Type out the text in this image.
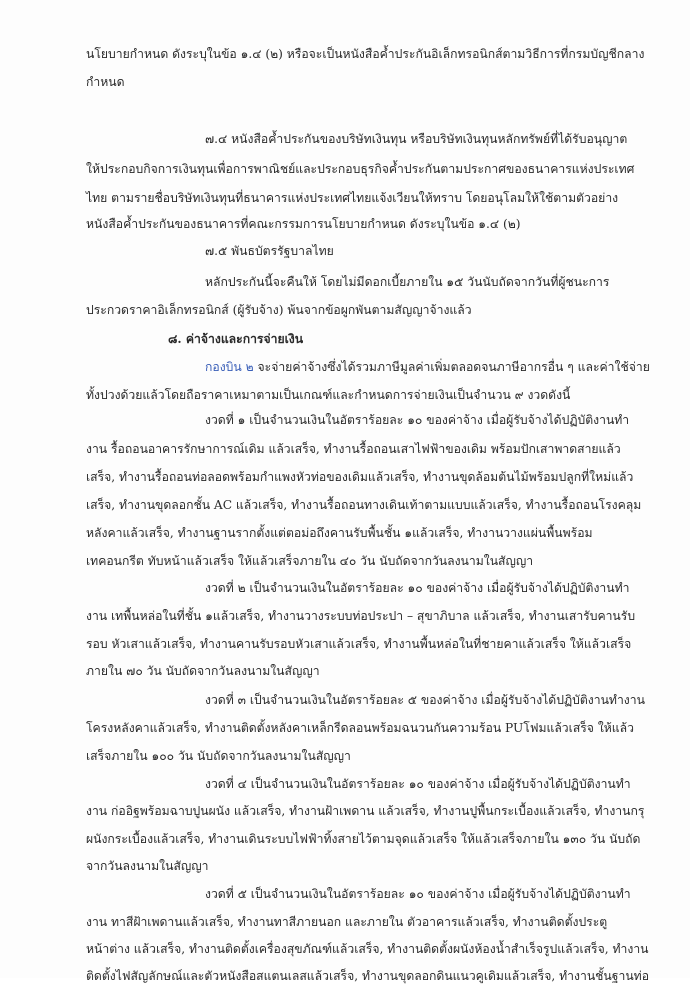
นโยบายกำหนด ดังระบุในข้อ ๑.๔ (๒) หรือจะเป็นหนังสือค้ำประกันอิเล็กทรอนิกส์ตามวิธีการที่กรมบัญชีกลาง
กำหนด
๗.๔ หนังสือค้ำประกันของบริษัทเงินทุน หรือบริษัทเงินทุนหลักทรัพย์ที่ได้รับอนุญาต
ให้ประกอบกิจการเงินทุนเพื่อการพาณิชย์และประกอบธุรกิจค้ำประกันตามประกาศของธนาคารแห่งประเทศ
ไทย ตามรายชื่อบริษัทเงินทุนที่ธนาคารแห่งประเทศไทยแจ้งเวียนให้ทราบ โดยอนุโลมให้ใช้ตามตัวอย่าง
หนังสือค้ำประกันของธนาคารที่คณะกรรมการนโยบายกำหนด ดังระบุในข้อ ๑.๔ (๒)
๗.๕ พันธบัตรรัฐบาลไทย
หลักประกันนี้จะคืนให้ โดยไม่มีดอกเบี้ยภายใน ๑๕ วันนับถัดจากวันที่ผู้ชนะการ
ประกวดราคาอิเล็กทรอนิกส์ (ผู้รับจ้าง) พ้นจากข้อผูกพันตามสัญญาจ้างแล้ว
๘. ค่าจ้างและการจ่ายเงิน
กองบิน ๒ จะจ่ายค่าจ้างซึ่งได้รวมภาษีมูลค่าเพิ่มตลอดจนภาษีอากรอื่น ๆ และค่าใช้จ่าย
ทั้งปวงด้วยแล้วโดยถือราคาเหมาตามเป็นเกณฑ์และกำหนดการจ่ายเงินเป็นจำนวน ๙ งวดดังนี้
งวดที่ ๑ เป็นจำนวนเงินในอัตราร้อยละ ๑๐ ของค่าจ้าง เมื่อผู้รับจ้างได้ปฏิบัติงานทำ
งาน รื้อถอนอาคารรักษาการณ์เดิม แล้วเสร็จ, ทำงานรื้อถอนเสาไฟฟ้าของเดิม พร้อมปักเสาพาดสายแล้ว
เสร็จ, ทำงานรื้อถอนท่อลอดพร้อมกำแพงหัวท่อของเดิมแล้วเสร็จ, ทำงานขุดล้อมต้นไม้พร้อมปลูกที่ใหม่แล้ว
เสร็จ, ทำงานขุดลอกชั้น AC แล้วเสร็จ, ทำงานรื้อถอนทางเดินเท้าตามแบบแล้วเสร็จ, ทำงานรื้อถอนโรงคลุม
หลังคาแล้วเสร็จ, ทำงานฐานรากตั้งแต่ตอม่อถึงคานรับพื้นชั้น ๑แล้วเสร็จ, ทำงานวางแผ่นพื้นพร้อม
เทคอนกรีต ทับหน้าแล้วเสร็จ ให้แล้วเสร็จภายใน ๔๐ วัน นับถัดจากวันลงนามในสัญญา
งวดที่ ๒ เป็นจำนวนเงินในอัตราร้อยละ ๑๐ ของค่าจ้าง เมื่อผู้รับจ้างได้ปฏิบัติงานทำ
งาน เทพื้นหล่อในที่ชั้น ๑แล้วเสร็จ, ทำงานวางระบบท่อประปา – สุขาภิบาล แล้วเสร็จ, ทำงานเสารับคานรับ
รอบ หัวเสาแล้วเสร็จ, ทำงานคานรับรอบหัวเสาแล้วเสร็จ, ทำงานพื้นหล่อในที่ชายคาแล้วเสร็จ ให้แล้วเสร็จ
ภายใน ๗๐ วัน นับถัดจากวันลงนามในสัญญา
งวดที่ ๓ เป็นจำนวนเงินในอัตราร้อยละ ๕ ของค่าจ้าง เมื่อผู้รับจ้างได้ปฏิบัติงานทำงาน
โครงหลังคาแล้วเสร็จ, ทำงานติดตั้งหลังคาเหล็กรีดลอนพร้อมฉนวนกันความร้อน PUโฟมแล้วเสร็จ ให้แล้ว
เสร็จภายใน ๑๐๐ วัน นับถัดจากวันลงนามในสัญญา
งวดที่ ๔ เป็นจำนวนเงินในอัตราร้อยละ ๑๐ ของค่าจ้าง เมื่อผู้รับจ้างได้ปฏิบัติงานทำ
งาน ก่ออิฐพร้อมฉาบปูนผนัง แล้วเสร็จ, ทำงานฝ้าเพดาน แล้วเสร็จ, ทำงานปูพื้นกระเบื้องแล้วเสร็จ, ทำงานกรุ
ผนังกระเบื้องแล้วเสร็จ, ทำงานเดินระบบไฟฟ้าทิ้งสายไว้ตามจุดแล้วเสร็จ ให้แล้วเสร็จภายใน ๑๓๐ วัน นับถัด
จากวันลงนามในสัญญา
งวดที่ ๕ เป็นจำนวนเงินในอัตราร้อยละ ๑๐ ของค่าจ้าง เมื่อผู้รับจ้างได้ปฏิบัติงานทำ
งาน ทาสีฝ้าเพดานแล้วเสร็จ, ทำงานทาสีภายนอก และภายใน ตัวอาคารแล้วเสร็จ, ทำงานติดตั้งประตู
หน้าต่าง แล้วเสร็จ, ทำงานติดตั้งเครื่องสุขภัณฑ์แล้วเสร็จ, ทำงานติดตั้งผนังห้องน้ำสำเร็จรูปแล้วเสร็จ, ทำงาน
ติดตั้งไฟสัญลักษณ์และตัวหนังสือสแตนเลสแล้วเสร็จ, ทำงานขุดลอกดินแนวคูเดิมแล้วเสร็จ, ทำงานชั้นฐานท่อ
